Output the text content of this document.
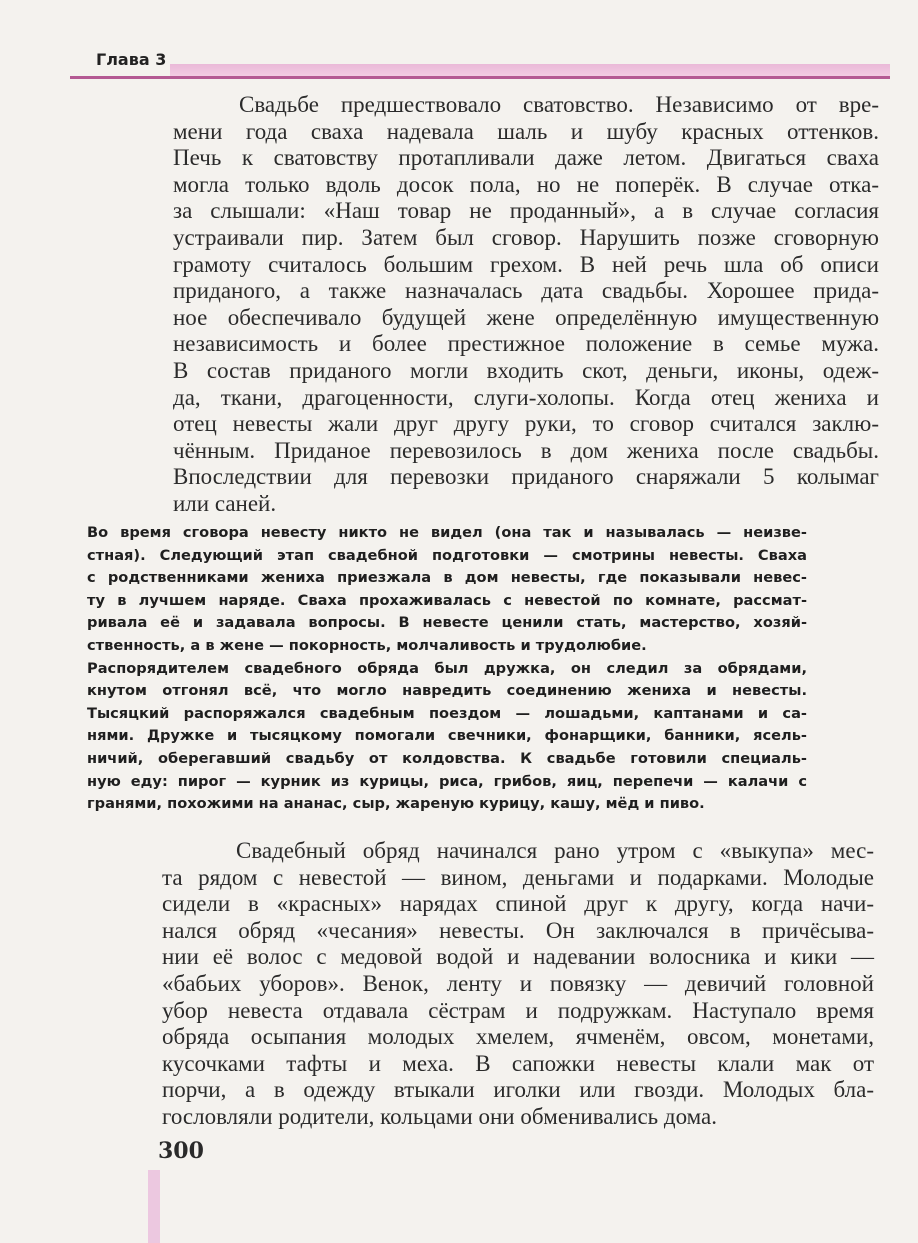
Глава 3
Свадьбе предшествовало сватовство. Независимо от вре-
мени года сваха надевала шаль и шубу красных оттенков.
Печь к сватовству протапливали даже летом. Двигаться сваха
могла только вдоль досок пола, но не поперёк. В случае отка-
за слышали: «Наш товар не проданный», а в случае согласия
устраивали пир. Затем был сговор. Нарушить позже сговорную
грамоту считалось большим грехом. В ней речь шла об описи
приданого, а также назначалась дата свадьбы. Хорошее прида-
ное обеспечивало будущей жене определённую имущественную
независимость и более престижное положение в семье мужа.
В состав приданого могли входить скот, деньги, иконы, одеж-
да, ткани, драгоценности, слуги-холопы. Когда отец жениха и
отец невесты жали друг другу руки, то сговор считался заклю-
чённым. Приданое перевозилось в дом жениха после свадьбы.
Впоследствии для перевозки приданого снаряжали 5 колымаг
или саней.
Во время сговора невесту никто не видел (она так и называлась — неизве-
стная). Следующий этап свадебной подготовки — смотрины невесты. Сваха
с родственниками жениха приезжала в дом невесты, где показывали невес-
ту в лучшем наряде. Сваха прохаживалась с невестой по комнате, рассмат-
ривала её и задавала вопросы. В невесте ценили стать, мастерство, хозяй-
ственность, а в жене — покорность, молчаливость и трудолюбие.
Распорядителем свадебного обряда был дружка, он следил за обрядами,
кнутом отгонял всё, что могло навредить соединению жениха и невесты.
Тысяцкий распоряжался свадебным поездом — лошадьми, каптанами и са-
нями. Дружке и тысяцкому помогали свечники, фонарщики, банники, ясель-
ничий, оберегавший свадьбу от колдовства. К свадьбе готовили специаль-
ную еду: пирог — курник из курицы, риса, грибов, яиц, перепечи — калачи с
гранями, похожими на ананас, сыр, жареную курицу, кашу, мёд и пиво.
Свадебный обряд начинался рано утром с «выкупа» мес-
та рядом с невестой — вином, деньгами и подарками. Молодые
сидели в «красных» нарядах спиной друг к другу, когда начи-
нался обряд «чесания» невесты. Он заключался в причёсыва-
нии её волос с медовой водой и надевании волосника и кики —
«бабьих уборов». Венок, ленту и повязку — девичий головной
убор невеста отдавала сёстрам и подружкам. Наступало время
обряда осыпания молодых хмелем, ячменём, овсом, монетами,
кусочками тафты и меха. В сапожки невесты клали мак от
порчи, а в одежду втыкали иголки или гвозди. Молодых бла-
гословляли родители, кольцами они обменивались дома.
300
